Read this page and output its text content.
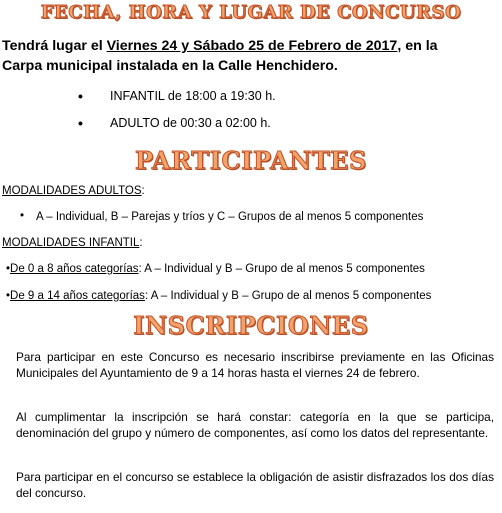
FECHA, HORA Y LUGAR DE CONCURSO
Tendrá lugar el Viernes 24 y Sábado 25 de Febrero de 2017, en la
Carpa municipal instalada en la Calle Henchidero.
• INFANTIL de 18:00 a 19:30 h.
• ADULTO de 00:30 a 02:00 h.
PARTICIPANTES
MODALIDADES ADULTOS:
• A – Individual, B – Parejas y tríos y C – Grupos de al menos 5 componentes
MODALIDADES INFANTIL:
•De 0 a 8 años categorías: A – Individual y B – Grupo de al menos 5 componentes
•De 9 a 14 años categorías: A – Individual y B – Grupo de al menos 5 componentes
INSCRIPCIONES
Para participar en este Concurso es necesario inscribirse previamente en las Oficinas Municipales del Ayuntamiento de 9 a 14 horas hasta el viernes 24 de febrero.
Al cumplimentar la inscripción se hará constar: categoría en la que se participa, denominación del grupo y número de componentes, así como los datos del representante.
Para participar en el concurso se establece la obligación de asistir disfrazados los dos días del concurso.
